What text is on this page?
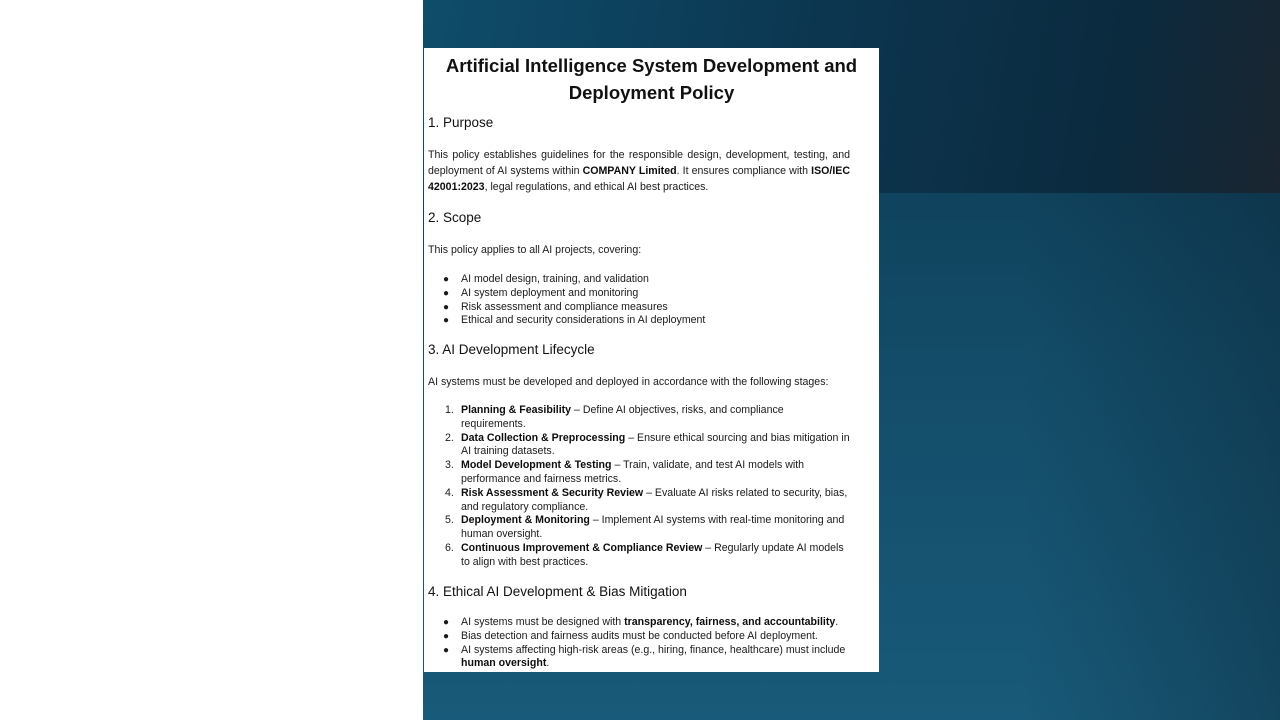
Artificial Intelligence System Development and Deployment Policy
1. Purpose
This policy establishes guidelines for the responsible design, development, testing, and deployment of AI systems within COMPANY Limited. It ensures compliance with ISO/IEC 42001:2023, legal regulations, and ethical AI best practices.
2. Scope
This policy applies to all AI projects, covering:
● AI model design, training, and validation
● AI system deployment and monitoring
● Risk assessment and compliance measures
● Ethical and security considerations in AI deployment
3. AI Development Lifecycle
AI systems must be developed and deployed in accordance with the following stages:
1. Planning & Feasibility – Define AI objectives, risks, and compliance requirements.
2. Data Collection & Preprocessing – Ensure ethical sourcing and bias mitigation in AI training datasets.
3. Model Development & Testing – Train, validate, and test AI models with performance and fairness metrics.
4. Risk Assessment & Security Review – Evaluate AI risks related to security, bias, and regulatory compliance.
5. Deployment & Monitoring – Implement AI systems with real-time monitoring and human oversight.
6. Continuous Improvement & Compliance Review – Regularly update AI models to align with best practices.
4. Ethical AI Development & Bias Mitigation
● AI systems must be designed with transparency, fairness, and accountability.
● Bias detection and fairness audits must be conducted before AI deployment.
● AI systems affecting high-risk areas (e.g., hiring, finance, healthcare) must include human oversight.
